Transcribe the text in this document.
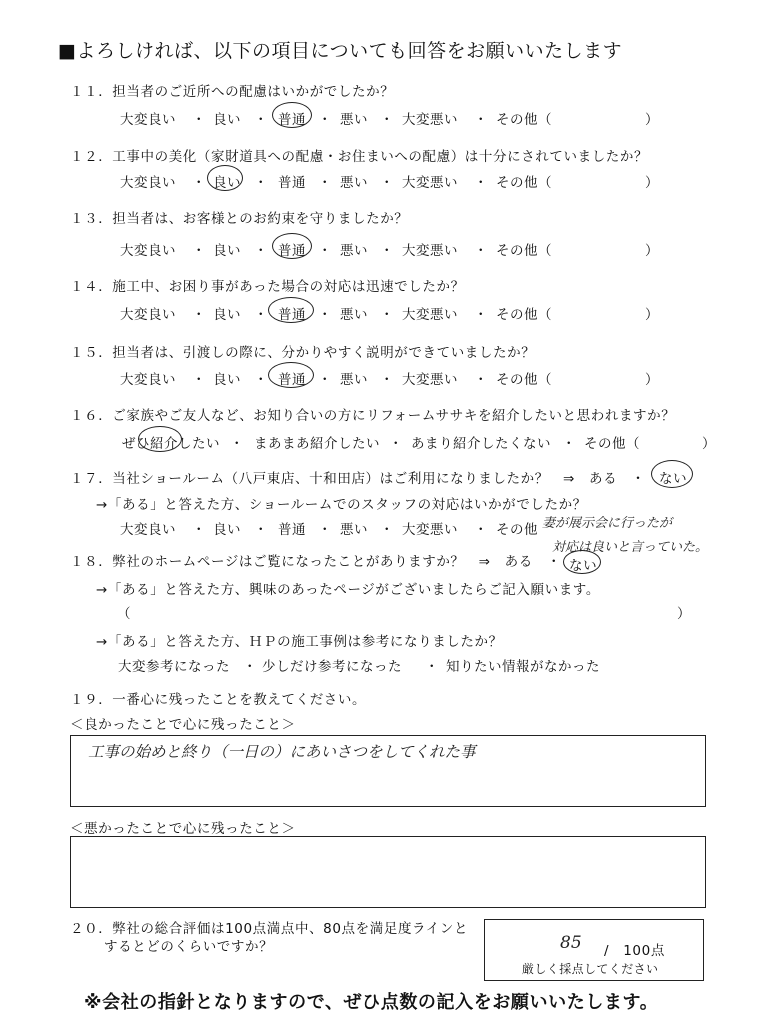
■よろしければ、以下の項目についても回答をお願いいたします
１１．担当者のご近所への配慮はいかがでしたか？
大変良い ・ 良い ・ 普通 ・ 悪い ・ 大変悪い ・ その他（	）
１２．工事中の美化（家財道具への配慮・お住まいへの配慮）は十分にされていましたか？
大変良い ・ 良い ・ 普通 ・ 悪い ・ 大変悪い ・ その他（	）
１３．担当者は、お客様とのお約束を守りましたか？
大変良い ・ 良い ・ 普通 ・ 悪い ・ 大変悪い ・ その他（	）
１４．施工中、お困り事があった場合の対応は迅速でしたか？
大変良い ・ 良い ・ 普通 ・ 悪い ・ 大変悪い ・ その他（	）
１５．担当者は、引渡しの際に、分かりやすく説明ができていましたか？
大変良い ・ 良い ・ 普通 ・ 悪い ・ 大変悪い ・ その他（	）
１６．ご家族やご友人など、お知り合いの方にリフォームササキを紹介したいと思われますか？
ぜひ紹介したい ・ まあまあ紹介したい ・ あまり紹介したくない ・ その他（	）
１７．当社ショールーム（八戸東店、十和田店）はご利用になりましたか？　⇒　ある　・ ない
→「ある」と答えた方、ショールームでのスタッフの対応はいかがでしたか？
大変良い ・ 良い ・ 普通 ・ 悪い ・ 大変悪い ・ その他 妻が展示会に行ったが
対応は良いと言っていた。
１８．弊社のホームページはご覧になったことがありますか？　⇒　ある　・ ない
→「ある」と答えた方、興味のあったページがございましたらご記入願います。
（	）
→「ある」と答えた方、ＨＰの施工事例は参考になりましたか？
大変参考になった ・ 少しだけ参考になった ・ 知りたい情報がなかった
１９．一番心に残ったことを教えてください。
＜良かったことで心に残ったこと＞
工事の始めと終り（一日の）にあいさつをしてくれた事
＜悪かったことで心に残ったこと＞
２０．弊社の総合評価は100点満点中、80点を満足度ラインと
するとどのくらいですか？	85 /　100点
厳しく採点してください
※会社の指針となりますので、ぜひ点数の記入をお願いいたします。
